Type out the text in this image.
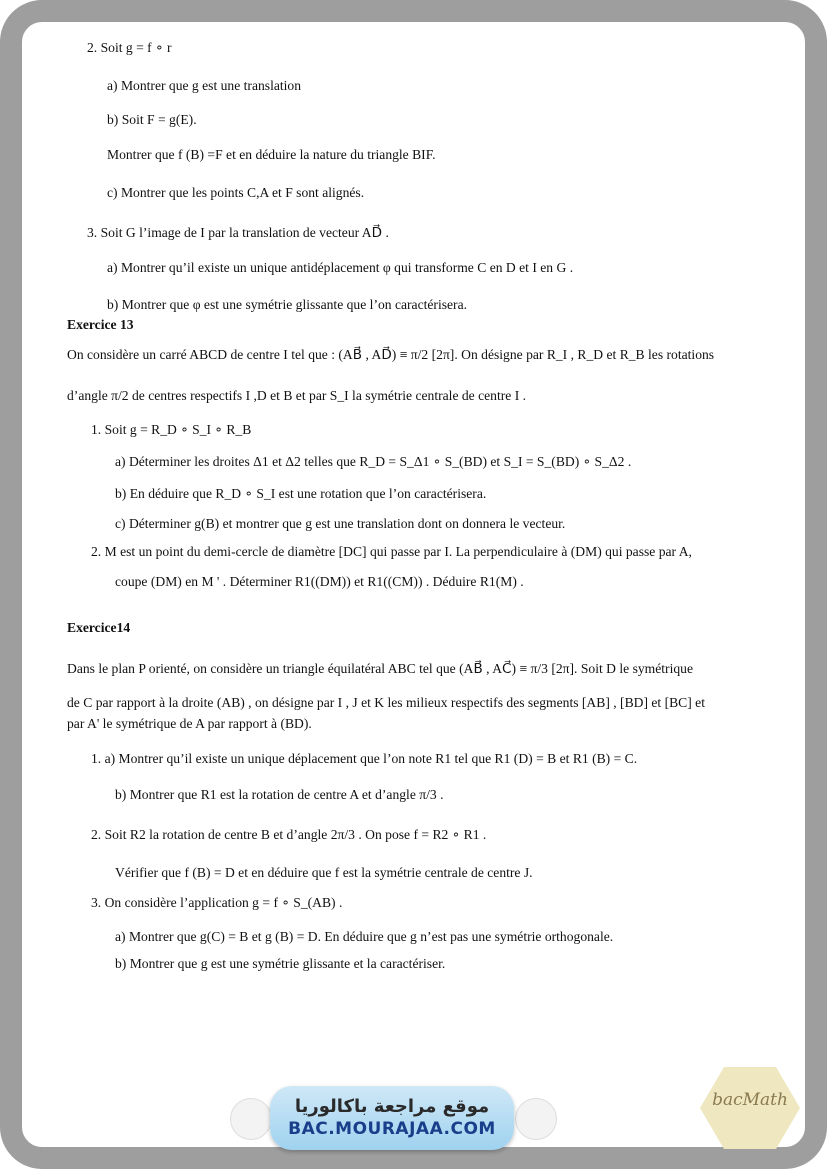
2. Soit g = f ∘ r
a) Montrer que g est une translation
b) Soit F = g(E).
Montrer que f (B) =F et en déduire la nature du triangle BIF.
c) Montrer que les points C,A et F sont alignés.
3. Soit G l’image de I par la translation de vecteur AD⃗ .
a) Montrer qu’il existe un unique antidéplacement φ qui transforme C en D et I en G .
b) Montrer que φ est une symétrie glissante que l’on caractérisera.
Exercice 13
On considère un carré ABCD de centre I tel que : (AB⃗ , AD⃗) ≡ π/2 [2π]. On désigne par R_I , R_D et R_B les rotations
d’angle π/2 de centres respectifs I ,D et B et par S_I la symétrie centrale de centre I .
1. Soit g = R_D ∘ S_I ∘ R_B
a) Déterminer les droites Δ1 et Δ2 telles que R_D = S_Δ1 ∘ S_(BD) et S_I = S_(BD) ∘ S_Δ2 .
b) En déduire que R_D ∘ S_I est une rotation que l’on caractérisera.
c) Déterminer g(B) et montrer que g est une translation dont on donnera le vecteur.
2. M est un point du demi-cercle de diamètre [DC] qui passe par I. La perpendiculaire à (DM) qui passe par A,
coupe (DM) en M ' . Déterminer R1((DM)) et R1((CM)) . Déduire R1(M) .
Exercice14
Dans le plan P orienté, on considère un triangle équilatéral ABC tel que (AB⃗ , AC⃗) ≡ π/3 [2π]. Soit D le symétrique
de C par rapport à la droite (AB) , on désigne par I , J et K les milieux respectifs des segments [AB] , [BD] et [BC] et
par A' le symétrique de A par rapport à (BD).
1. a) Montrer qu’il existe un unique déplacement que l’on note R1 tel que R1 (D) = B et R1 (B) = C.
b) Montrer que R1 est la rotation de centre A et d’angle π/3 .
2. Soit R2 la rotation de centre B et d’angle 2π/3 . On pose f = R2 ∘ R1 .
Vérifier que f (B) = D et en déduire que f est la symétrie centrale de centre J.
3. On considère l’application g = f ∘ S_(AB) .
a) Montrer que g(C) = B et g (B) = D. En déduire que g n’est pas une symétrie orthogonale.
b) Montrer que g est une symétrie glissante et la caractériser.
موقع مراجعة باكالوريا
BAC.MOURAJAA.COM
bacMath
